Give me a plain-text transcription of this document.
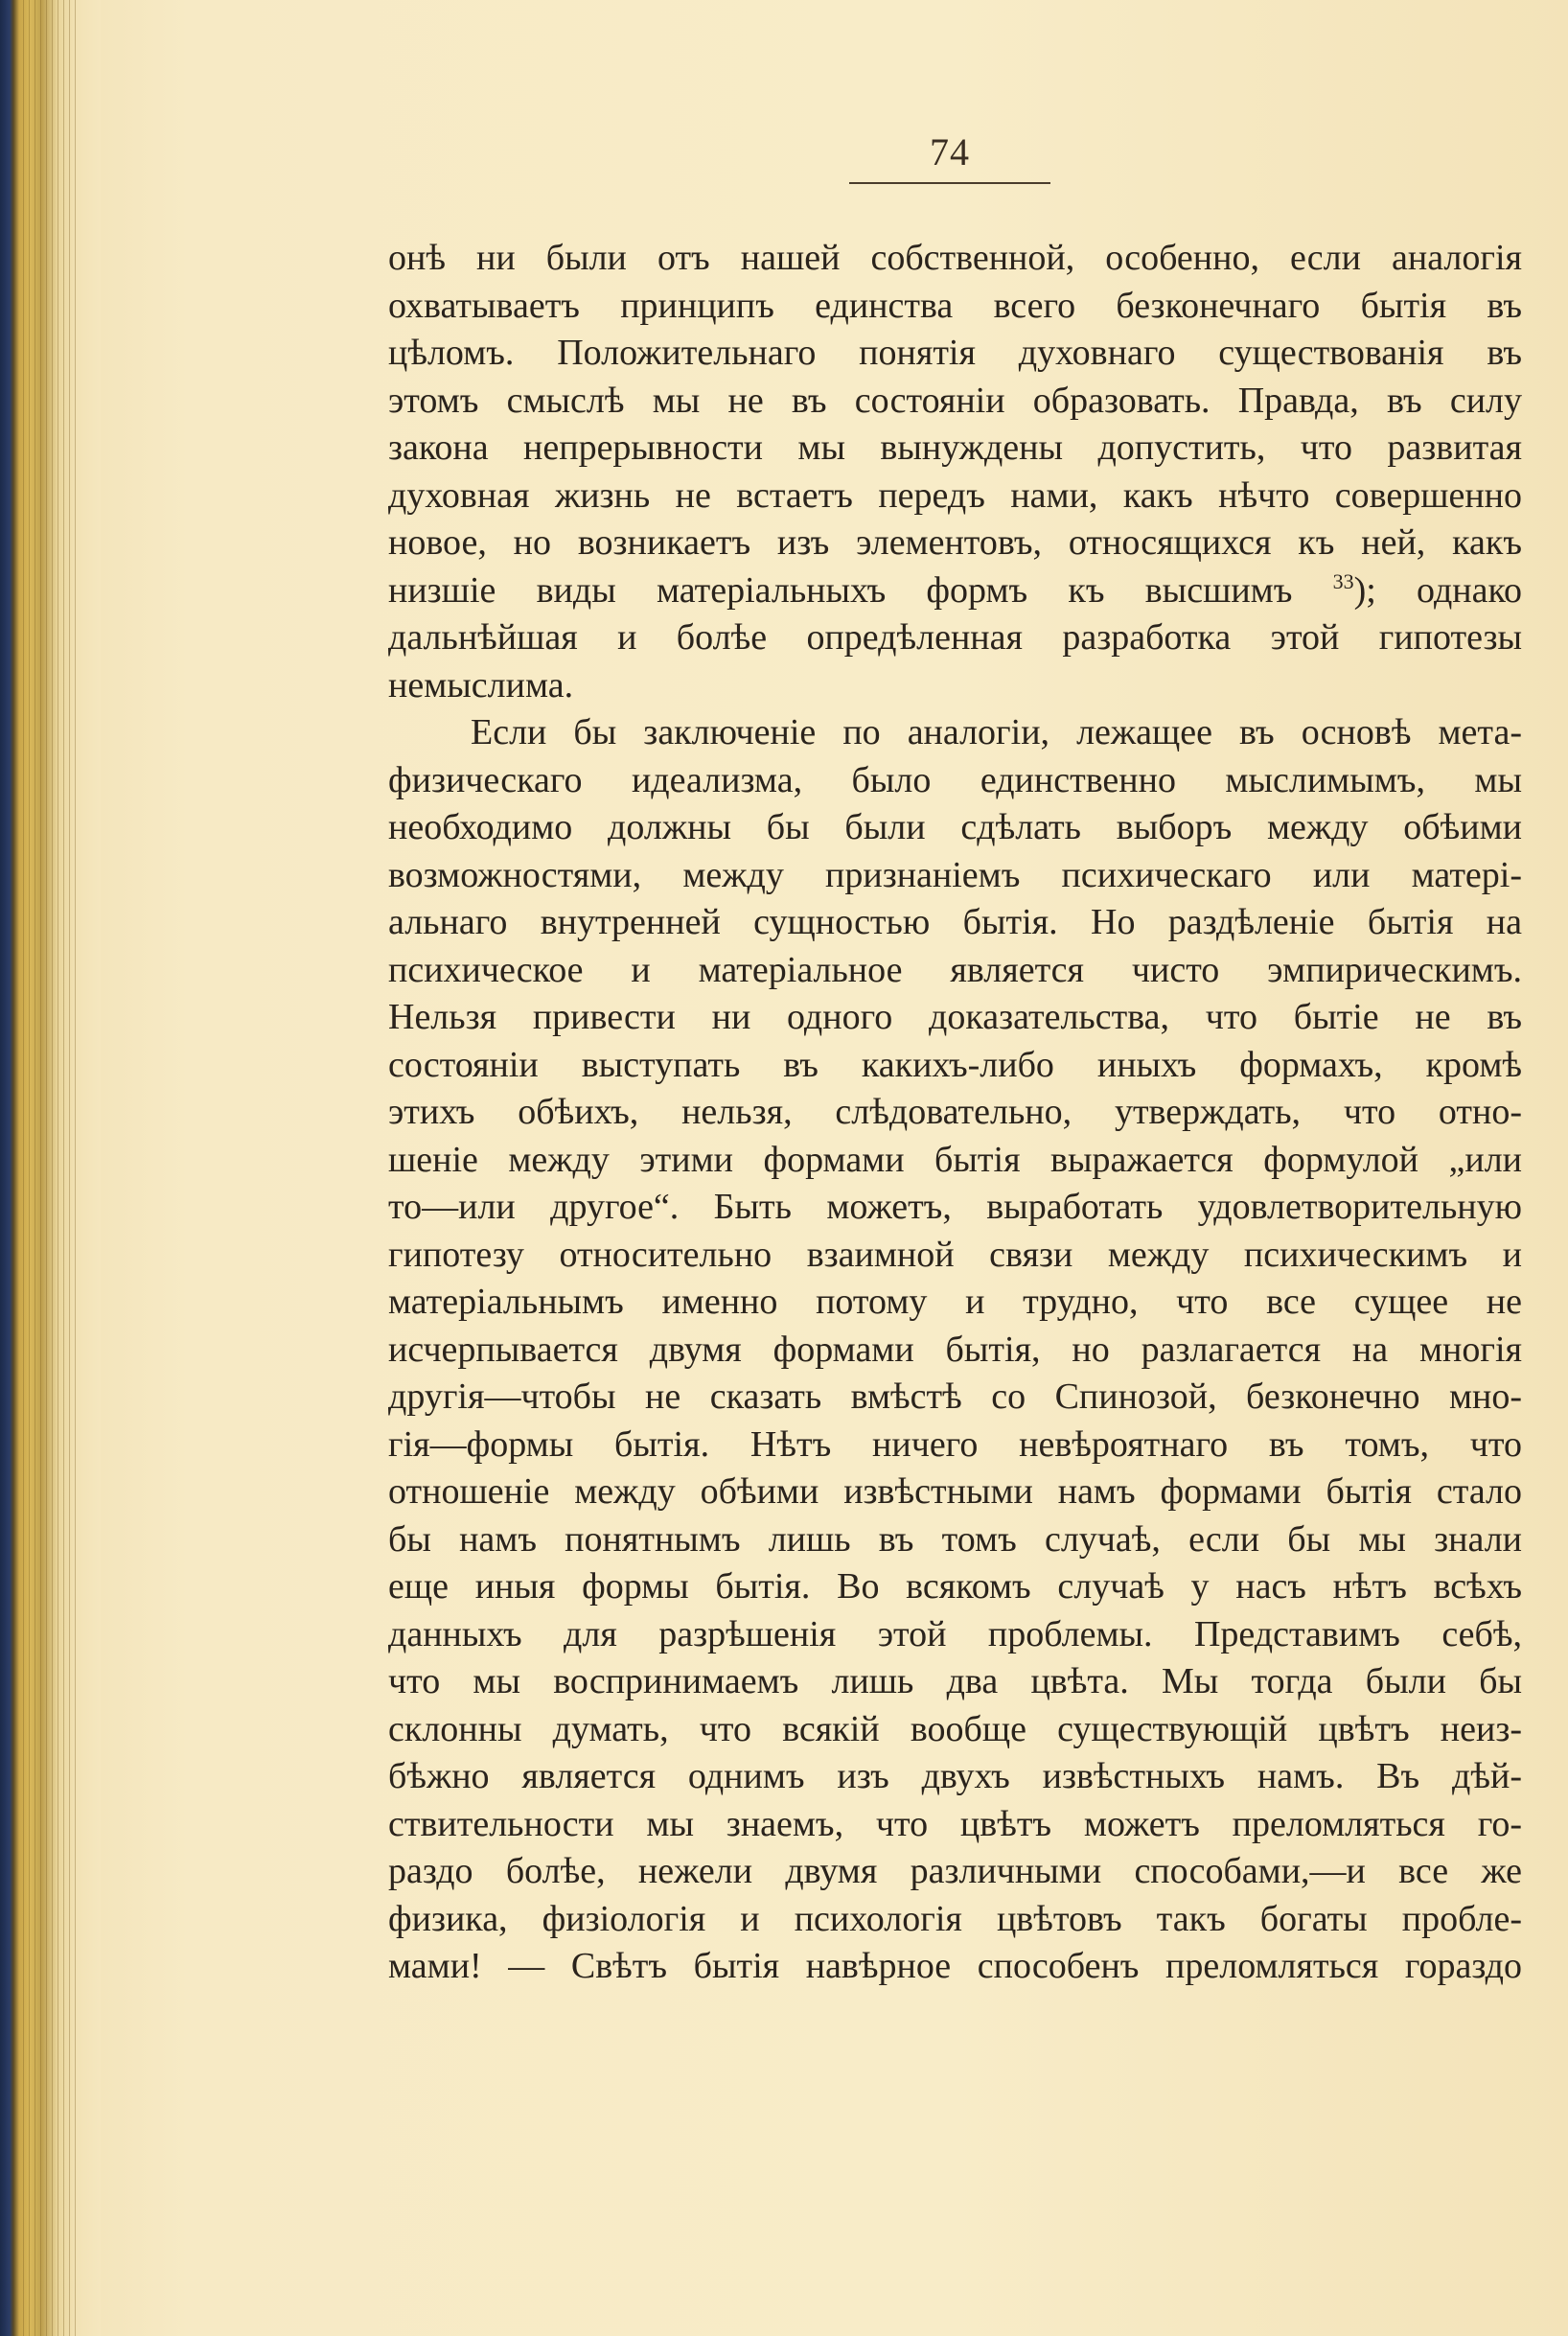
74
онѣ ни были отъ нашей собственной, особенно, если аналогія
охватываетъ принципъ единства всего безконечнаго бытія въ
цѣломъ. Положительнаго понятія духовнаго существованія въ
этомъ смыслѣ мы не въ состояніи образовать. Правда, въ силу
закона непрерывности мы вынуждены допустить, что развитая
духовная жизнь не встаетъ передъ нами, какъ нѣчто совершенно
новое, но возникаетъ изъ элементовъ, относящихся къ ней, какъ
низшіе виды матеріальныхъ формъ къ высшимъ $^{33}$); однако
дальнѣйшая и болѣе опредѣленная разработка этой гипотезы
немыслима.
Если бы заключеніе по аналогіи, лежащее въ основѣ мета-
физическаго идеализма, было единственно мыслимымъ, мы
необходимо должны бы были сдѣлать выборъ между обѣими
возможностями, между признаніемъ психическаго или матері-
альнаго внутренней сущностью бытія. Но раздѣленіе бытія на
психическое и матеріальное является чисто эмпирическимъ.
Нельзя привести ни одного доказательства, что бытіе не въ
состояніи выступать въ какихъ-либо иныхъ формахъ, кромѣ
этихъ обѣихъ, нельзя, слѣдовательно, утверждать, что отно-
шеніе между этими формами бытія выражается формулой „или
то—или другое“. Быть можетъ, выработать удовлетворительную
гипотезу относительно взаимной связи между психическимъ и
матеріальнымъ именно потому и трудно, что все сущее не
исчерпывается двумя формами бытія, но разлагается на многія
другія—чтобы не сказать вмѣстѣ со Спинозой, безконечно мно-
гія—формы бытія. Нѣтъ ничего невѣроятнаго въ томъ, что
отношеніе между обѣими извѣстными намъ формами бытія стало
бы намъ понятнымъ лишь въ томъ случаѣ, если бы мы знали
еще иныя формы бытія. Во всякомъ случаѣ у насъ нѣтъ всѣхъ
данныхъ для разрѣшенія этой проблемы. Представимъ себѣ,
что мы воспринимаемъ лишь два цвѣта. Мы тогда были бы
склонны думать, что всякій вообще существующій цвѣтъ неиз-
бѣжно является однимъ изъ двухъ извѣстныхъ намъ. Въ дѣй-
ствительности мы знаемъ, что цвѣтъ можетъ преломляться го-
раздо болѣе, нежели двумя различными способами,—и все же
физика, физіологія и психологія цвѣтовъ такъ богаты пробле-
мами! — Свѣтъ бытія навѣрное способенъ преломляться гораздо
